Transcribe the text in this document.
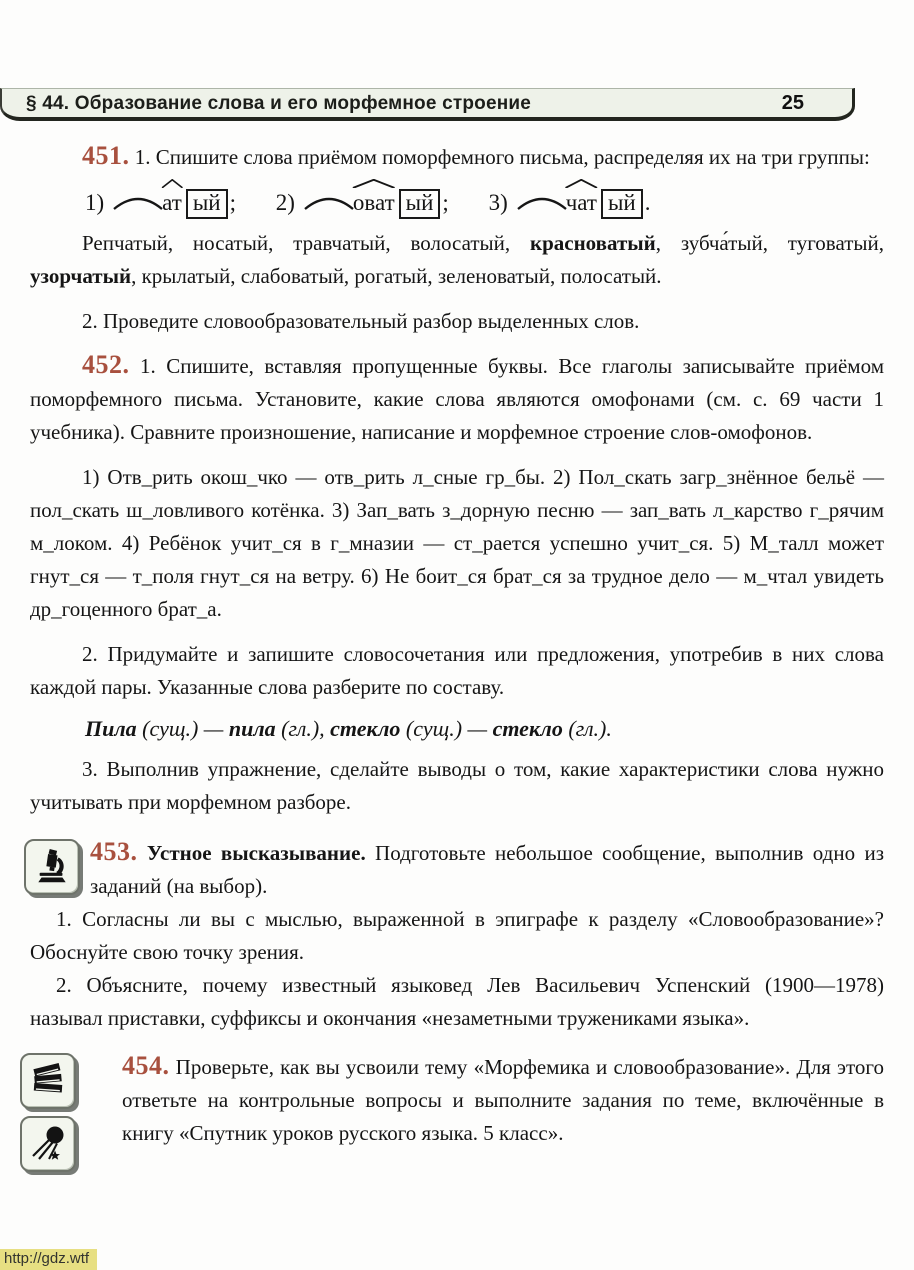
§ 44. Образование слова и его морфемное строение	25

451. 1. Спишите слова приёмом поморфемного письма, распределяя их на три группы:

1)	ат ый ; 2)	оват ый ; 3)	чат ый .

Репчатый, носатый, травчатый, волосатый, красноватый, зубча́тый, туговатый, узорчатый, крылатый, слабоватый, рогатый, зеленоватый, полосатый.

2. Проведите словообразовательный разбор выделенных слов.

452. 1. Спишите, вставляя пропущенные буквы. Все глаголы записывайте приёмом поморфемного письма. Установите, какие слова являются омофонами (см. с. 69 части 1 учебника). Сравните произношение, написание и морфемное строение слов-омофонов.

1) Отв_рить окош_чко — отв_рить л_сные гр_бы. 2) Пол_скать загр_знённое бельё — пол_скать ш_ловливого котёнка. 3) Зап_вать з_дорную песню — зап_вать л_карство г_рячим м_локом. 4) Ребёнок учит_ся в г_мназии — ст_рается успешно учит_ся. 5) М_талл может гнут_ся — т_поля гнут_ся на ветру. 6) Не боит_ся брат_ся за трудное дело — м_чтал увидеть др_гоценного брат_а.

2. Придумайте и запишите словосочетания или предложения, употребив в них слова каждой пары. Указанные слова разберите по составу.

Пила (сущ.) — пила (гл.), стекло (сущ.) — стекло (гл.).

3. Выполнив упражнение, сделайте выводы о том, какие характеристики слова нужно учитывать при морфемном разборе.

453. Устное высказывание. Подготовьте небольшое сообщение, выполнив одно из заданий (на выбор).

1. Согласны ли вы с мыслью, выраженной в эпиграфе к разделу «Словообразование»? Обоснуйте свою точку зрения.

2. Объясните, почему известный языковед Лев Васильевич Успенский (1900—1978) называл приставки, суффиксы и окончания «незаметными тружениками языка».

454. Проверьте, как вы усвоили тему «Морфемика и словообразование». Для этого ответьте на контрольные вопросы и выполните задания по теме, включённые в книгу «Спутник уроков русского языка. 5 класс».

http://gdz.wtf
